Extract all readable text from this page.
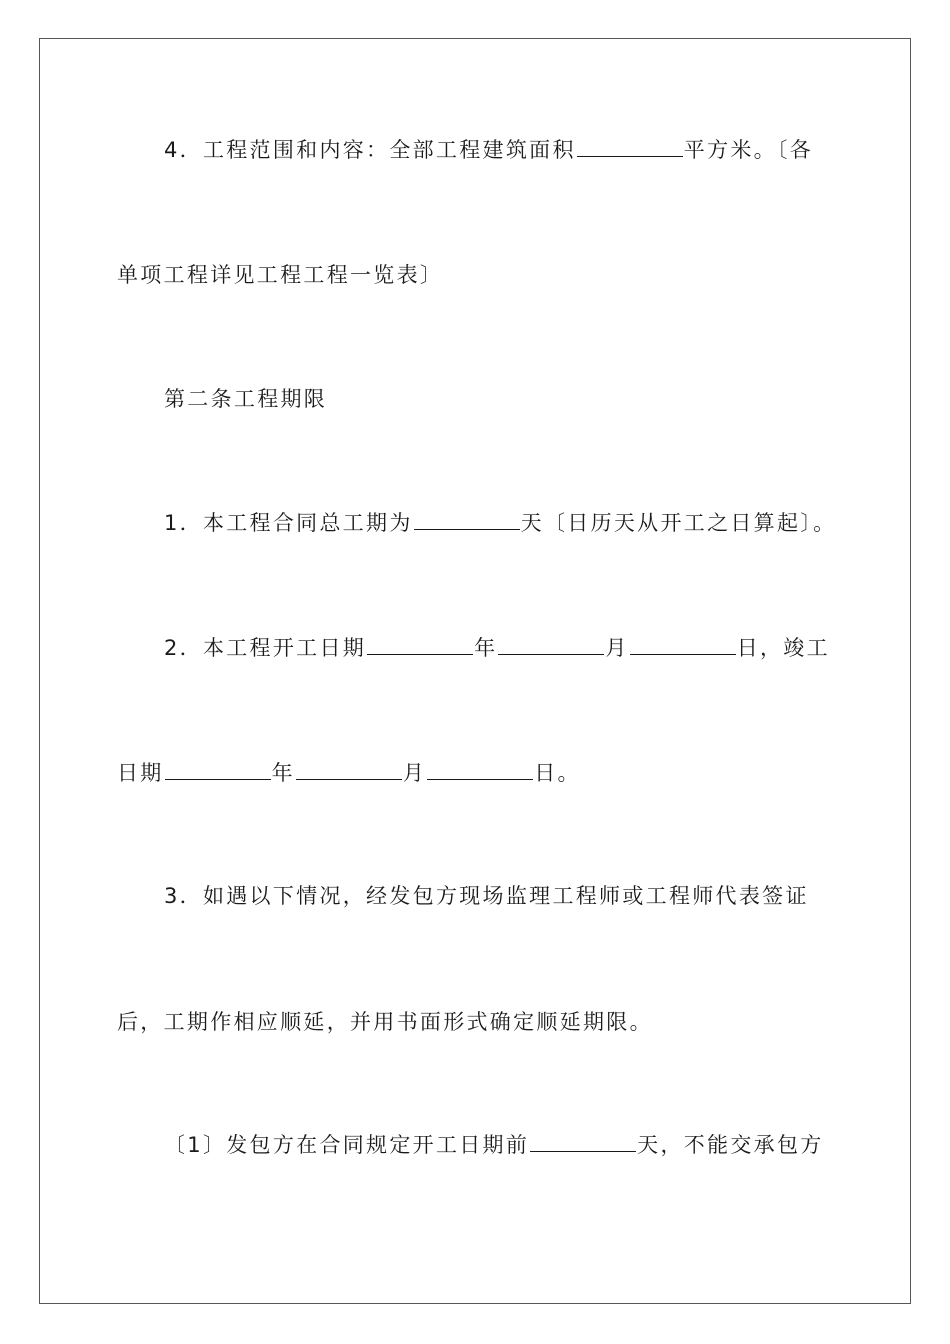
4．工程范围和内容：全部工程建筑面积	平方米。〔各
单项工程详见工程工程一览表〕
第二条工程期限
1．本工程合同总工期为	天〔日历天从开工之日算起〕。
2．本工程开工日期	年	月	日，竣工
日期	年	月	日。
3．如遇以下情况，经发包方现场监理工程师或工程师代表签证
后，工期作相应顺延，并用书面形式确定顺延期限。
〔1〕发包方在合同规定开工日期前	天，不能交承包方
